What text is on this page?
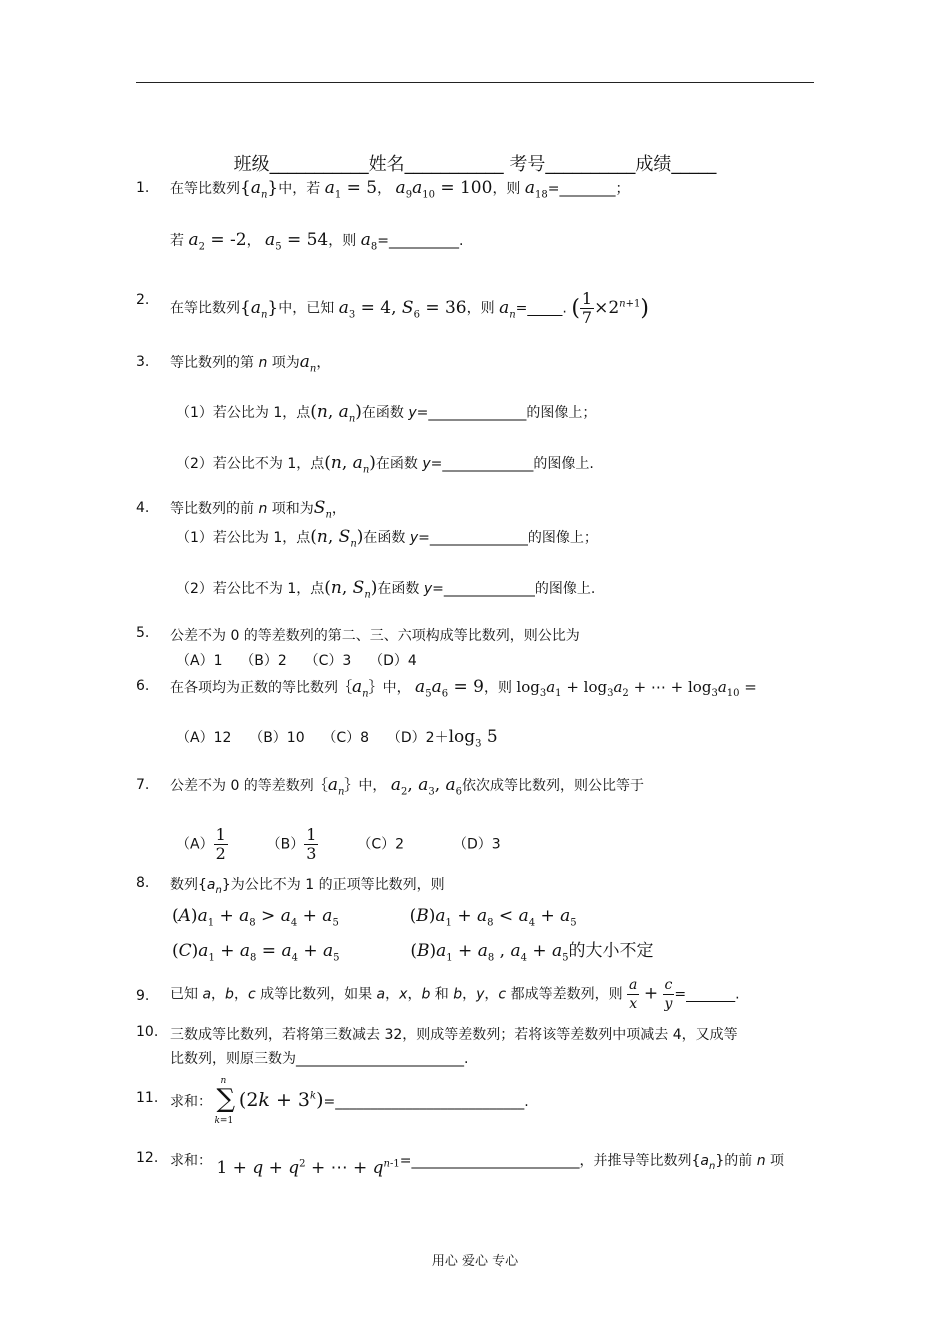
班级___________姓名___________ 考号__________成绩_____
1. 在等比数列$\{a_n\}$中，若 $a_1 = 5$， $a_9a_{10} = 100$，则 $a_{18}=\_\_\_\_\_\_\_\_$；
若 $a_2 = -2$， $a_5 = 54$，则 $a_8=\_\_\_\_\_\_\_\_\_\_$.
2.
在等比数列$\{a_n\}$中，已知 $a_3 = 4$, $S_6 = 36$，则 $a_n=\_\_\_\_\_$. ( $\frac{1}{7} \times 2^{n+1}$)
3. 等比数列的第 n 项为$a_n$，
（1）若公比为 1，点(n, $a_n$)在函数 y=______________的图像上；
（2）若公比不为 1，点(n, $a_n$)在函数 y=_____________的图像上.
4. 等比数列的前 n 项和为$S_n$，
（1）若公比为 1，点(n, $S_n$)在函数 y=______________的图像上；
（2）若公比不为 1，点(n, $S_n$)在函数 y=_____________的图像上.
5. 公差不为 0 的等差数列的第二、三、六项构成等比数列，则公比为
（A）1    （B）2    （C）3    （D）4
6. 在各项均为正数的等比数列$\{a_n\}$中， $a_5a_6 = 9$，则 $\log_3a_1 + \log_3a_2$ + ⋯ + $\log_3a_{10}$ =
（A）12    （B）10    （C）8    $(D)2+\log_3$ 5
7. 公差不为 0 的等差数列$\{a_n\}$中， $a_2$, $a_3$, $a_6$依次成等比数列，则公比等于
$(A) \frac{1}{2}$	$(B) \frac{1}{3}$	（C）2	（D）3
8. 数列$\{a_n\}$为公比不为 1 的正项等比数列，则
$(A)a_1 + a_8 > a_4 + a_5$	$(B)a_1 + a_8 < a_4 + a_5$
$(C)a_1 + a_8 = a_4 + a_5$	$(B)a_1 + a_8$ , $a_4 + a_5$的大小不定
9. 已知 a，b，c 成等比数列，如果 a，x，b 和 b，y，c 都成等差数列，则 $\frac{a}{x} + \frac{c}{y}$ =_______.
10. 三数成等比数列，若将第三数减去 32，则成等差数列；若将该等差数列中项减去 4，又成等
比数列，则原三数为________________________.
11. 求和：
n
∑
k=1
$(2k + 3^k)=\_\_\_\_\_\_\_\_\_\_\_\_\_\_\_\_\_\_\_\_\_\_\_\_\_\_\_$.
12. 求和： $1 + q + q^2$ + ⋯ + $q^{n-1}=\_\_\_\_\_\_\_\_\_\_\_\_\_\_\_\_\_\_\_\_\_\_\_\_$，并推导等比数列$\{a_n\}$的前 n 项
用心 爱心 专心
